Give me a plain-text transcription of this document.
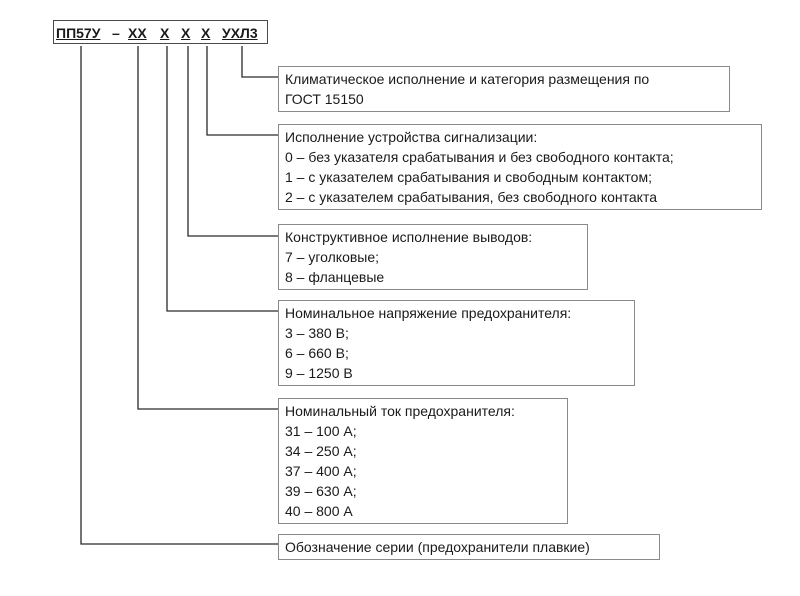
ПП57У – XX X X X УХЛ3
Климатическое исполнение и категория размещения по
ГОСТ 15150
Исполнение устройства сигнализации:
0 – без указателя срабатывания и без свободного контакта;
1 – с указателем срабатывания и свободным контактом;
2 – с указателем срабатывания, без свободного контакта
Конструктивное исполнение выводов:
7 – уголковые;
8 – фланцевые
Номинальное напряжение предохранителя:
3 – 380 В;
6 – 660 В;
9 – 1250 В
Номинальный ток предохранителя:
31 – 100 А;
34 – 250 А;
37 – 400 А;
39 – 630 А;
40 – 800 А
Обозначение серии (предохранители плавкие)
